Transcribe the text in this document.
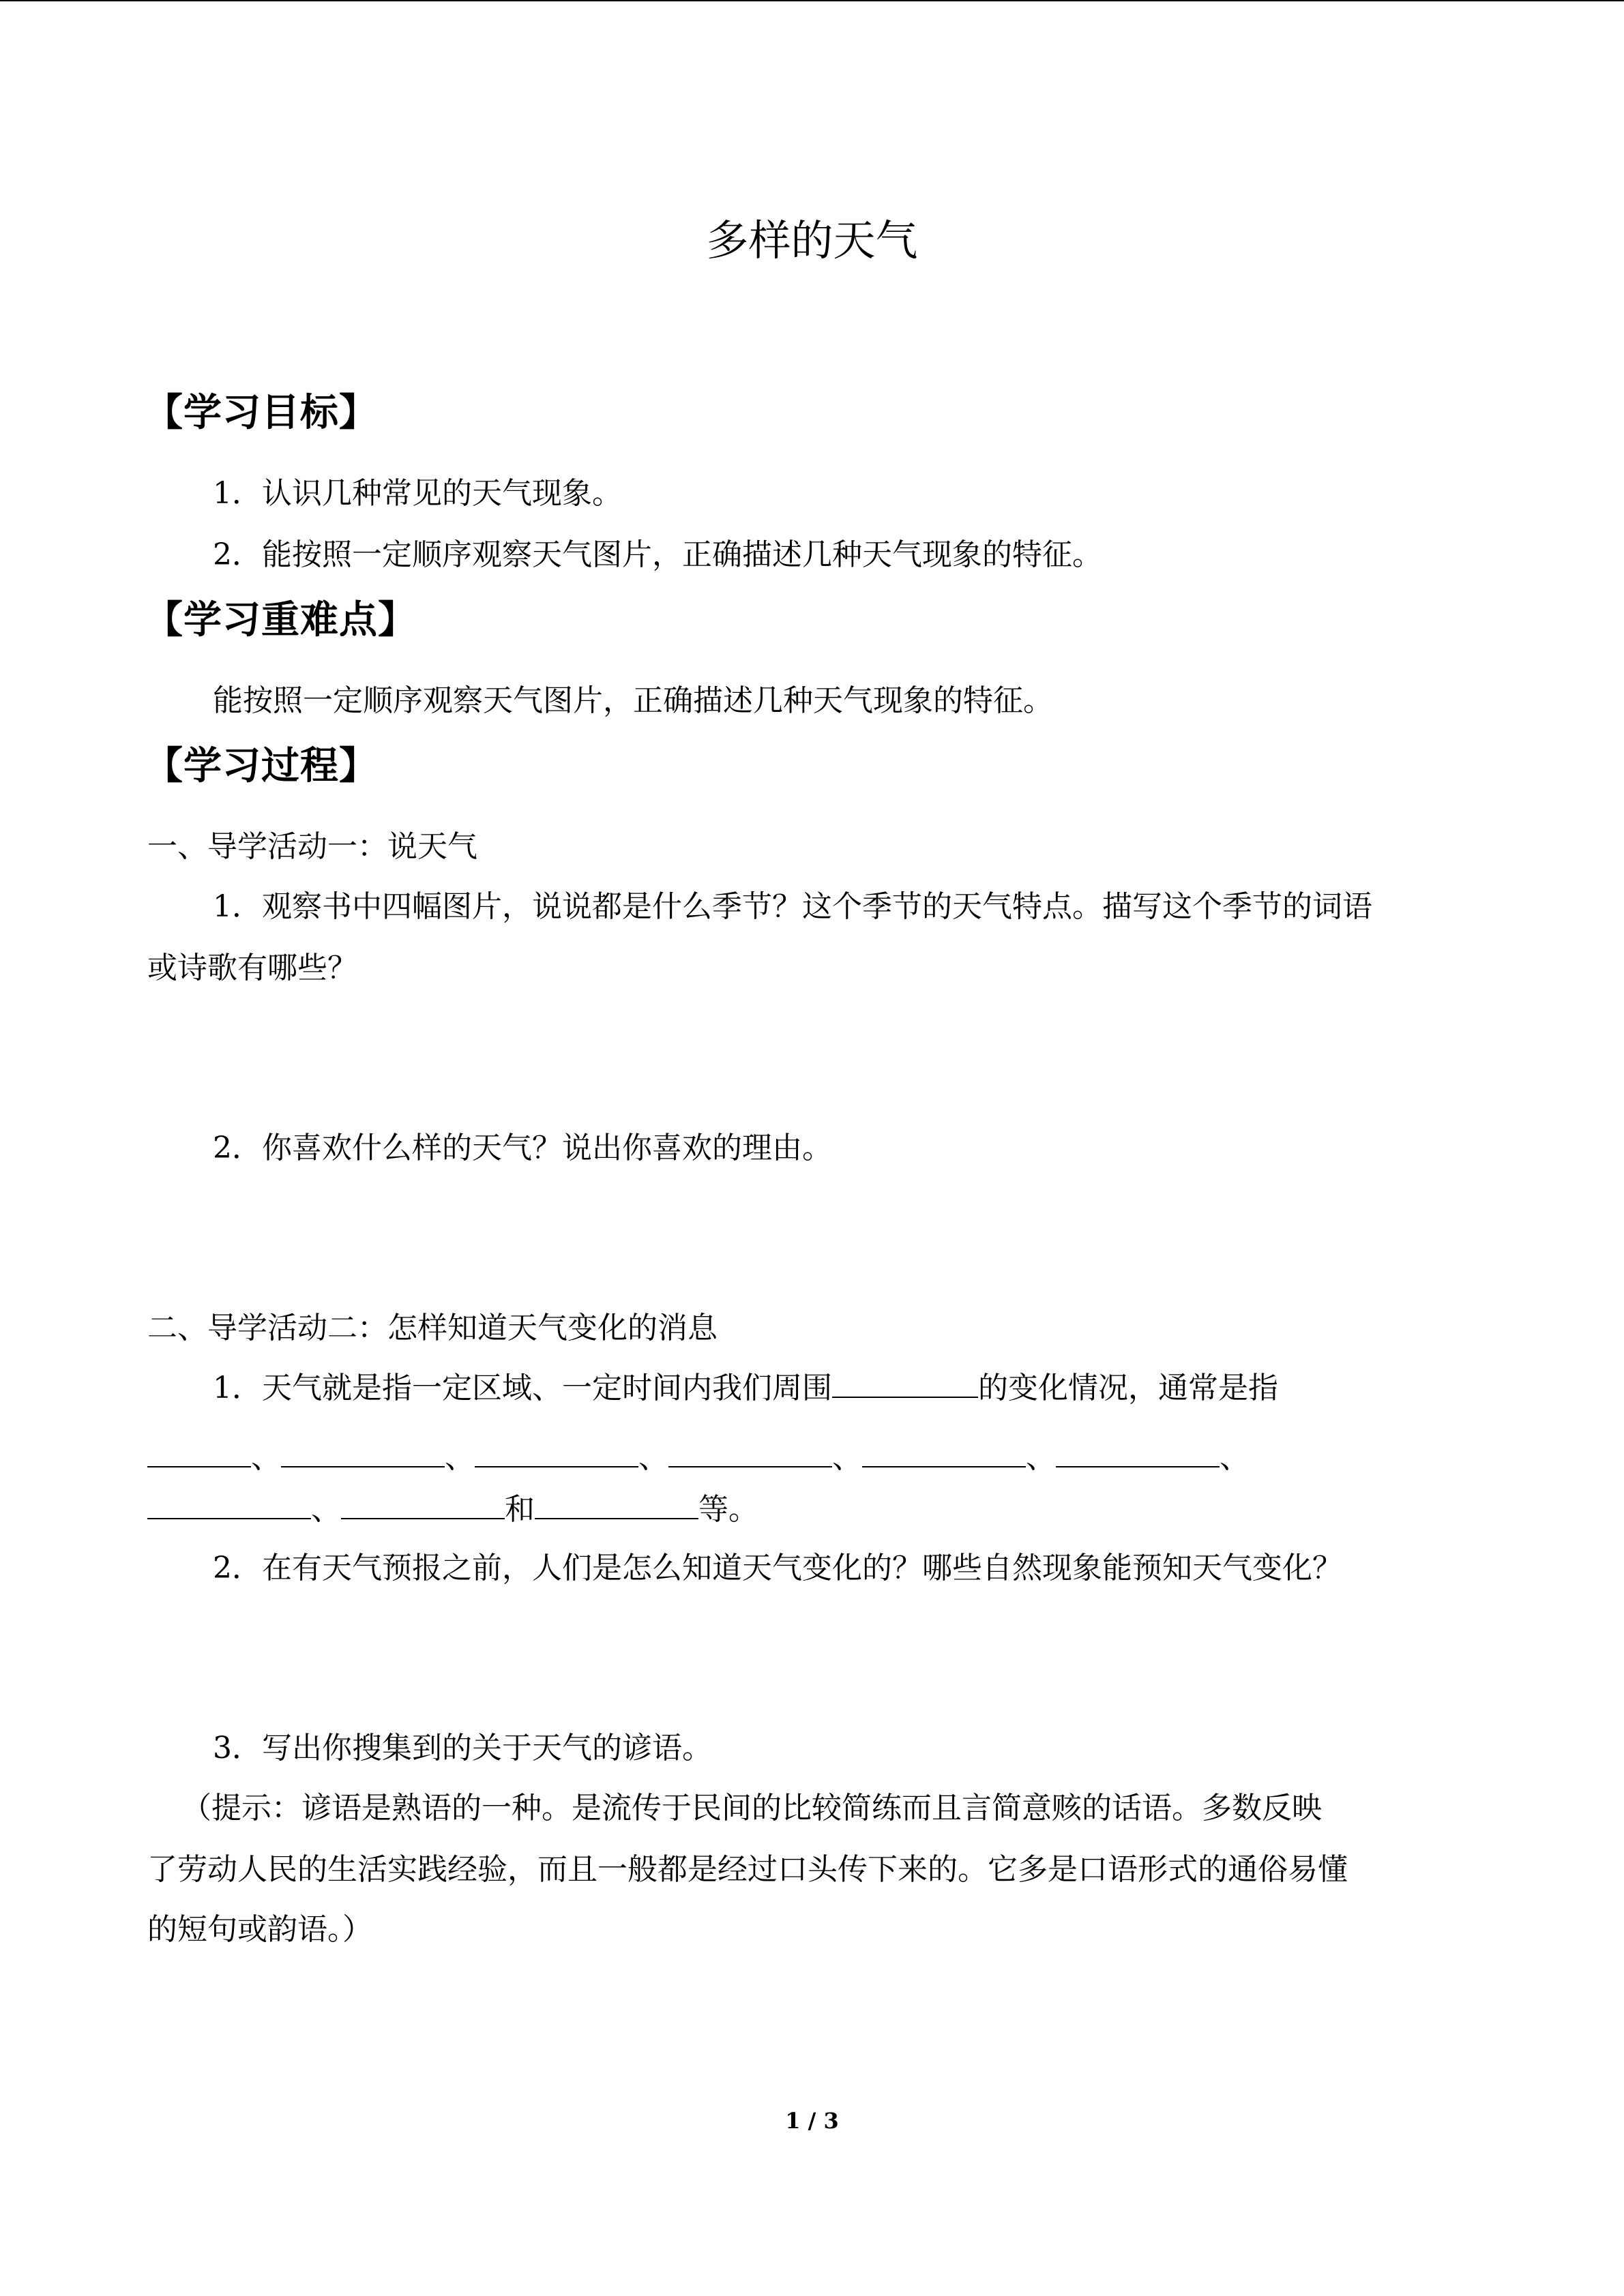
多样的天气
【学习目标】
1．认识几种常见的天气现象。
2．能按照一定顺序观察天气图片，正确描述几种天气现象的特征。
【学习重难点】
能按照一定顺序观察天气图片，正确描述几种天气现象的特征。
【学习过程】
一、导学活动一：说天气
1．观察书中四幅图片，说说都是什么季节？这个季节的天气特点。描写这个季节的词语
或诗歌有哪些？
2．你喜欢什么样的天气？说出你喜欢的理由。
二、导学活动二：怎样知道天气变化的消息
1．天气就是指一定区域、一定时间内我们周围	的变化情况，通常是指
、	、	、	、	、	、
、	和	等。
2．在有天气预报之前，人们是怎么知道天气变化的？哪些自然现象能预知天气变化？
3．写出你搜集到的关于天气的谚语。
（提示：谚语是熟语的一种。是流传于民间的比较简练而且言简意赅的话语。多数反映
了劳动人民的生活实践经验，而且一般都是经过口头传下来的。它多是口语形式的通俗易懂
的短句或韵语。）
1 / 3
